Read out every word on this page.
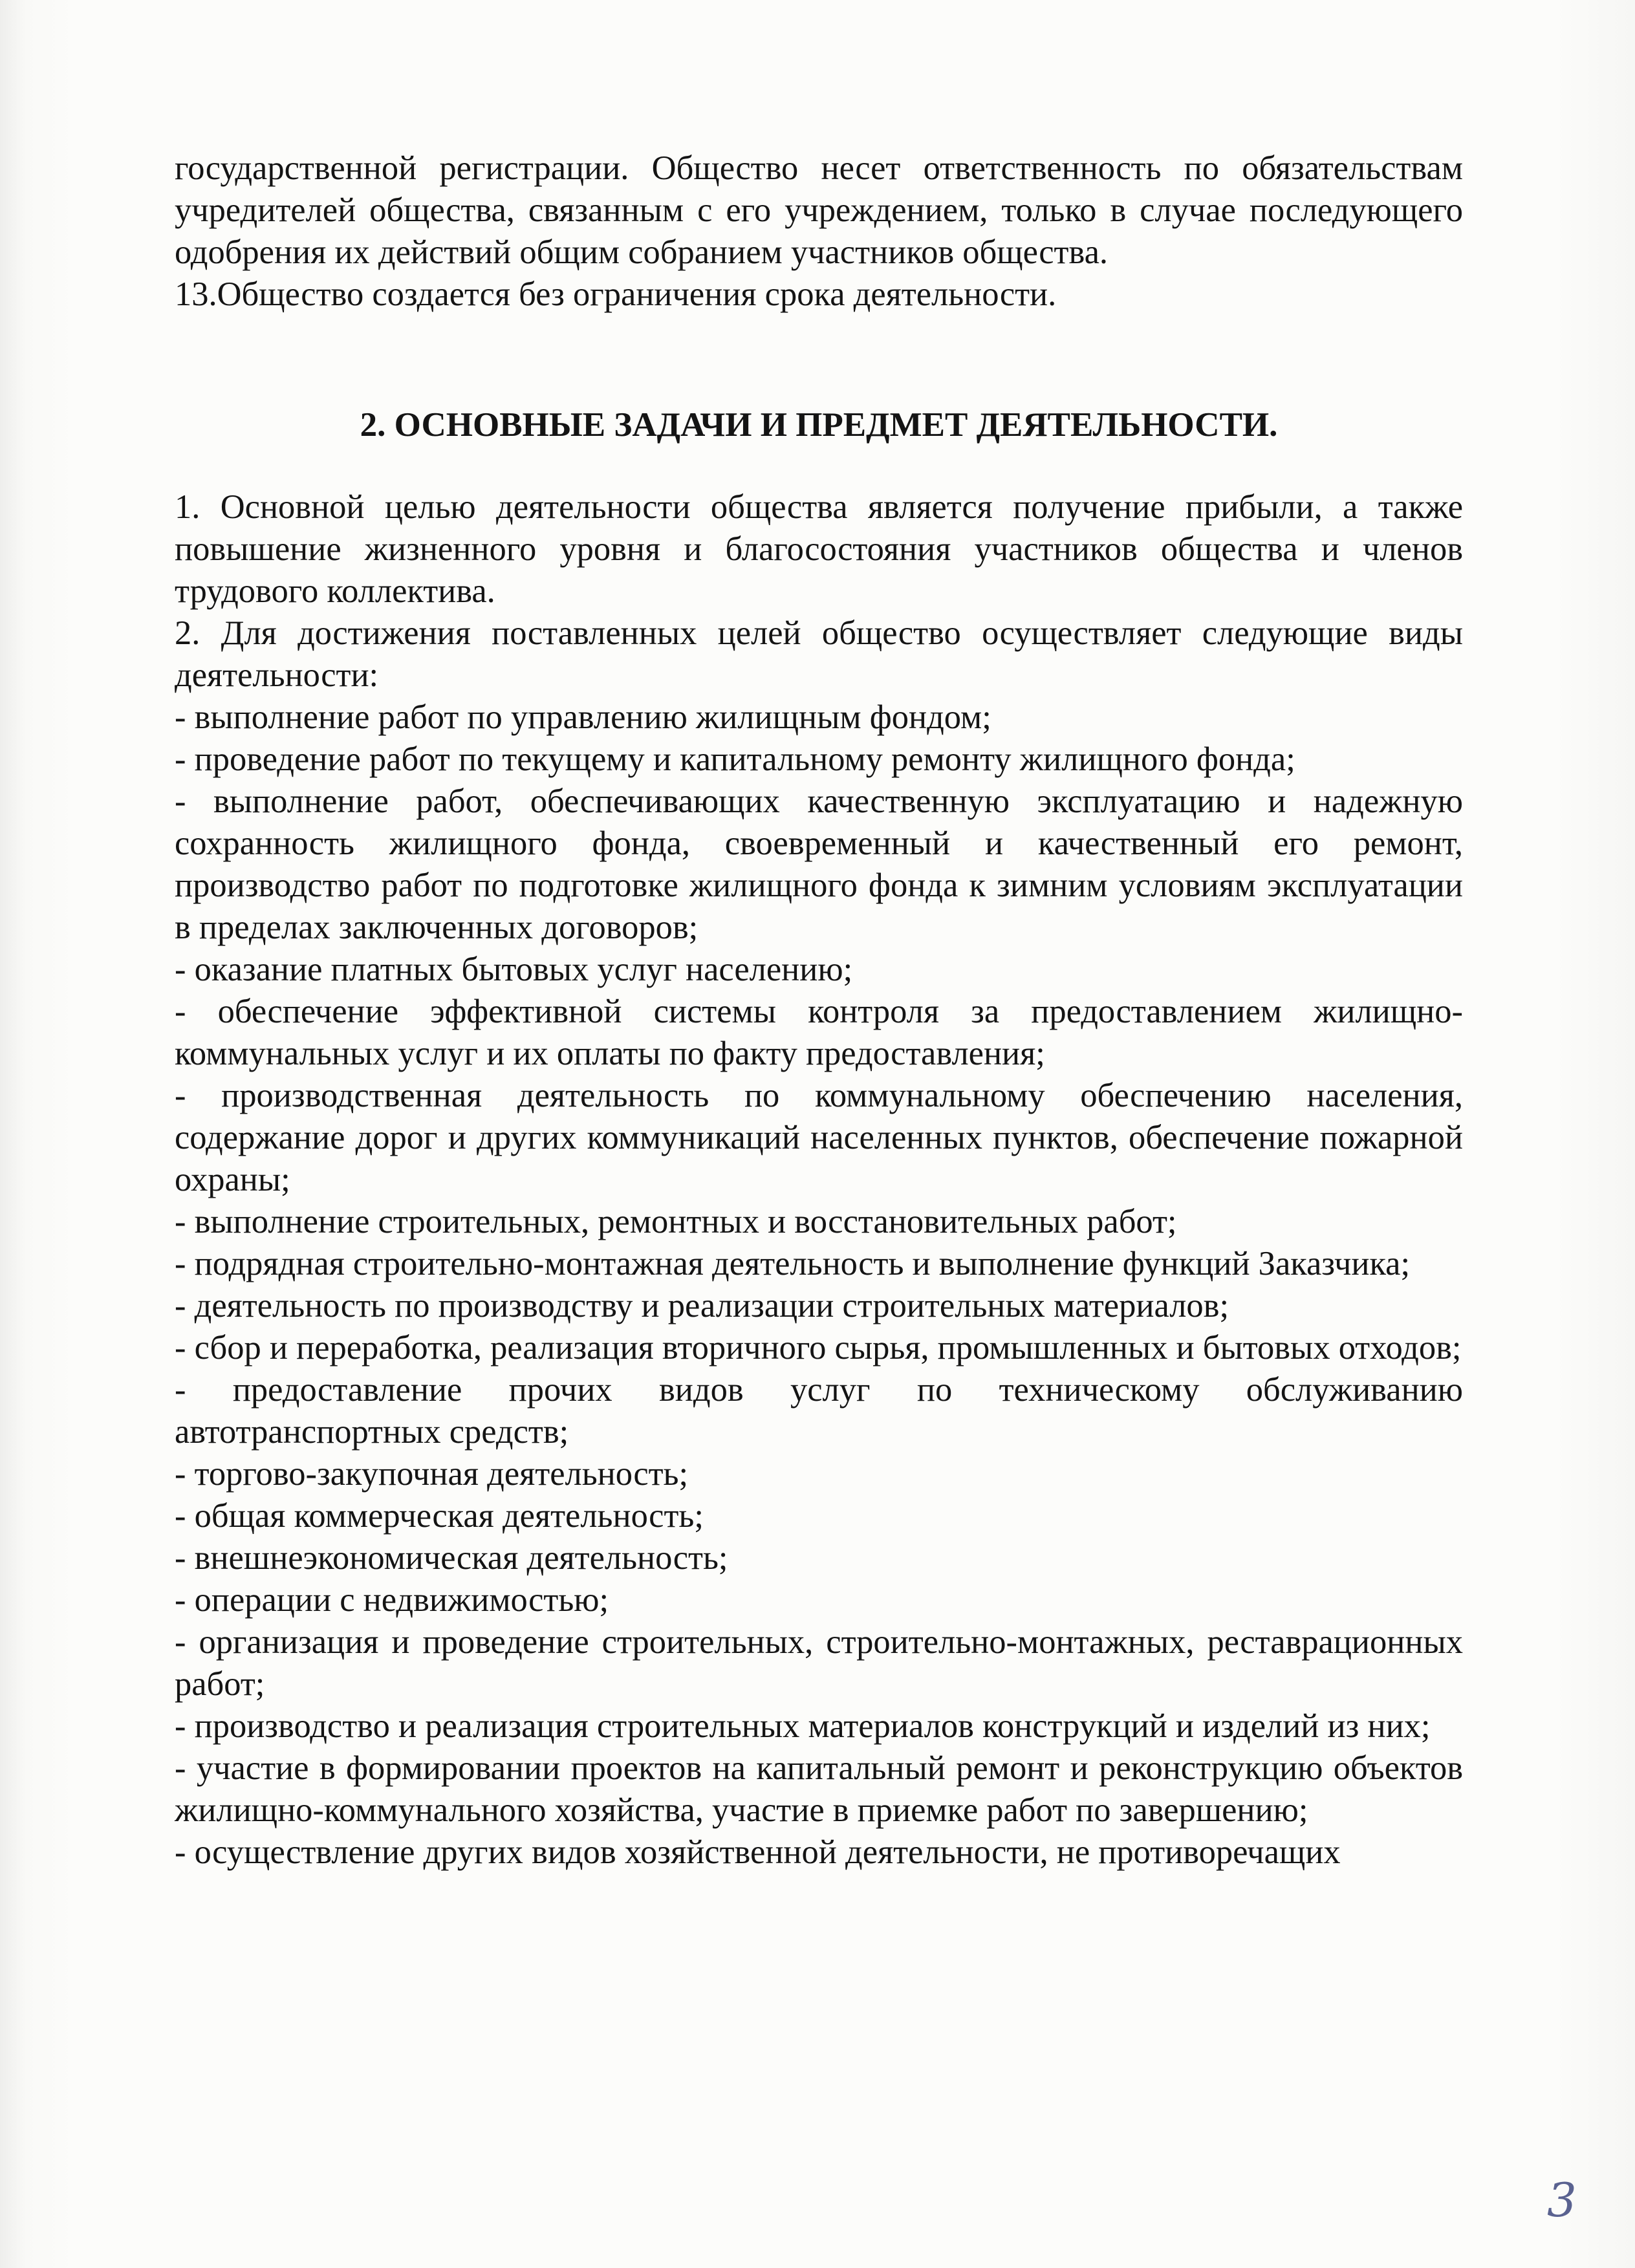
государственной регистрации. Общество несет ответственность по обязательствам учредителей общества, связанным с его учреждением, только в случае последующего одобрения их действий общим собранием участников общества.

13.Общество создается без ограничения срока деятельности.

2. ОСНОВНЫЕ ЗАДАЧИ И ПРЕДМЕТ ДЕЯТЕЛЬНОСТИ.

1. Основной целью деятельности общества является получение прибыли, а также повышение жизненного уровня и благосостояния участников общества и членов трудового коллектива.

2. Для достижения поставленных целей общество осуществляет следующие виды деятельности:

- выполнение работ по управлению жилищным фондом;

- проведение работ по текущему и капитальному ремонту жилищного фонда;

- выполнение работ, обеспечивающих качественную эксплуатацию и надежную сохранность жилищного фонда, своевременный и качественный его ремонт, производство работ по подготовке жилищного фонда к зимним условиям эксплуатации в пределах заключенных договоров;

- оказание платных бытовых услуг населению;

- обеспечение эффективной системы контроля за предоставлением жилищно-коммунальных услуг и их оплаты по факту предоставления;

- производственная деятельность по коммунальному обеспечению населения, содержание дорог и других коммуникаций населенных пунктов, обеспечение пожарной охраны;

- выполнение строительных, ремонтных и восстановительных работ;

- подрядная строительно-монтажная деятельность и выполнение функций Заказчика;

- деятельность по производству и реализации строительных материалов;

- сбор и переработка, реализация вторичного сырья, промышленных и бытовых отходов;

- предоставление прочих видов услуг по техническому обслуживанию автотранспортных средств;

- торгово-закупочная деятельность;

- общая коммерческая деятельность;

- внешнеэкономическая деятельность;

- операции с недвижимостью;

- организация и проведение строительных, строительно-монтажных, реставрационных работ;

- производство и реализация строительных материалов конструкций и изделий из них;

- участие в формировании проектов на капитальный ремонт и реконструкцию объектов жилищно-коммунального хозяйства, участие в приемке работ по завершению;

- осуществление других видов хозяйственной деятельности, не противоречащих

3
